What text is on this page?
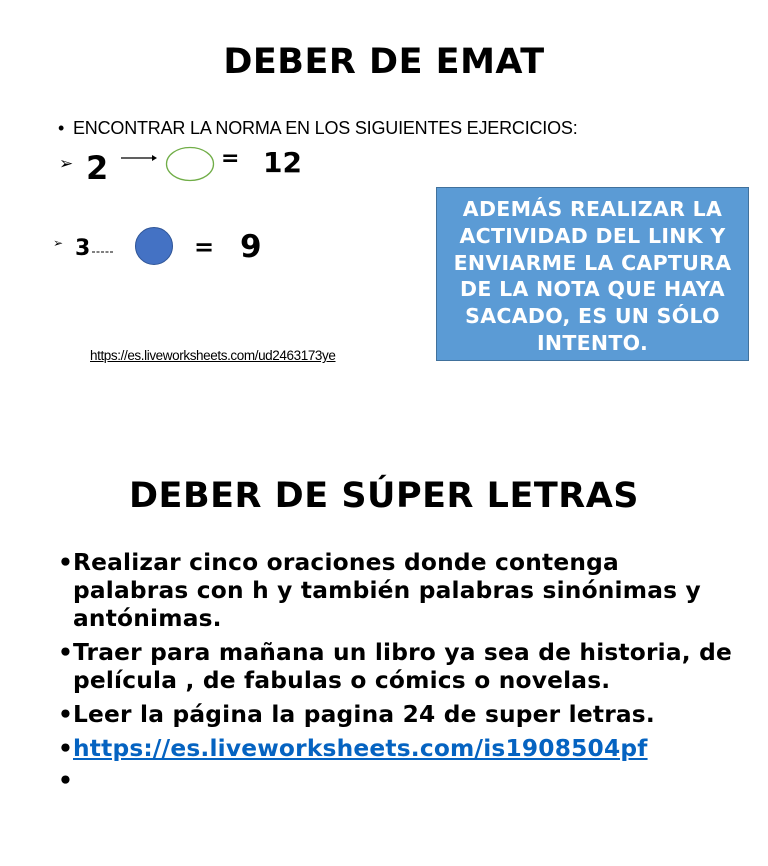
DEBER DE EMAT
• ENCONTRAR LA NORMA EN LOS SIGUIENTES EJERCICIOS:
➢ 2	= 12
➢ 3	= 9
ADEMÁS REALIZAR LA ACTIVIDAD DEL LINK Y ENVIARME LA CAPTURA DE LA NOTA QUE HAYA SACADO, ES UN SÓLO INTENTO.
https://es.liveworksheets.com/ud2463173ye
DEBER DE SÚPER LETRAS
• Realizar cinco oraciones donde contenga palabras con h y también palabras sinónimas y antónimas.
• Traer para mañana un libro ya sea de historia, de película , de fabulas o cómics o novelas.
• Leer la página la pagina 24 de super letras.
• https://es.liveworksheets.com/is1908504pf
•
